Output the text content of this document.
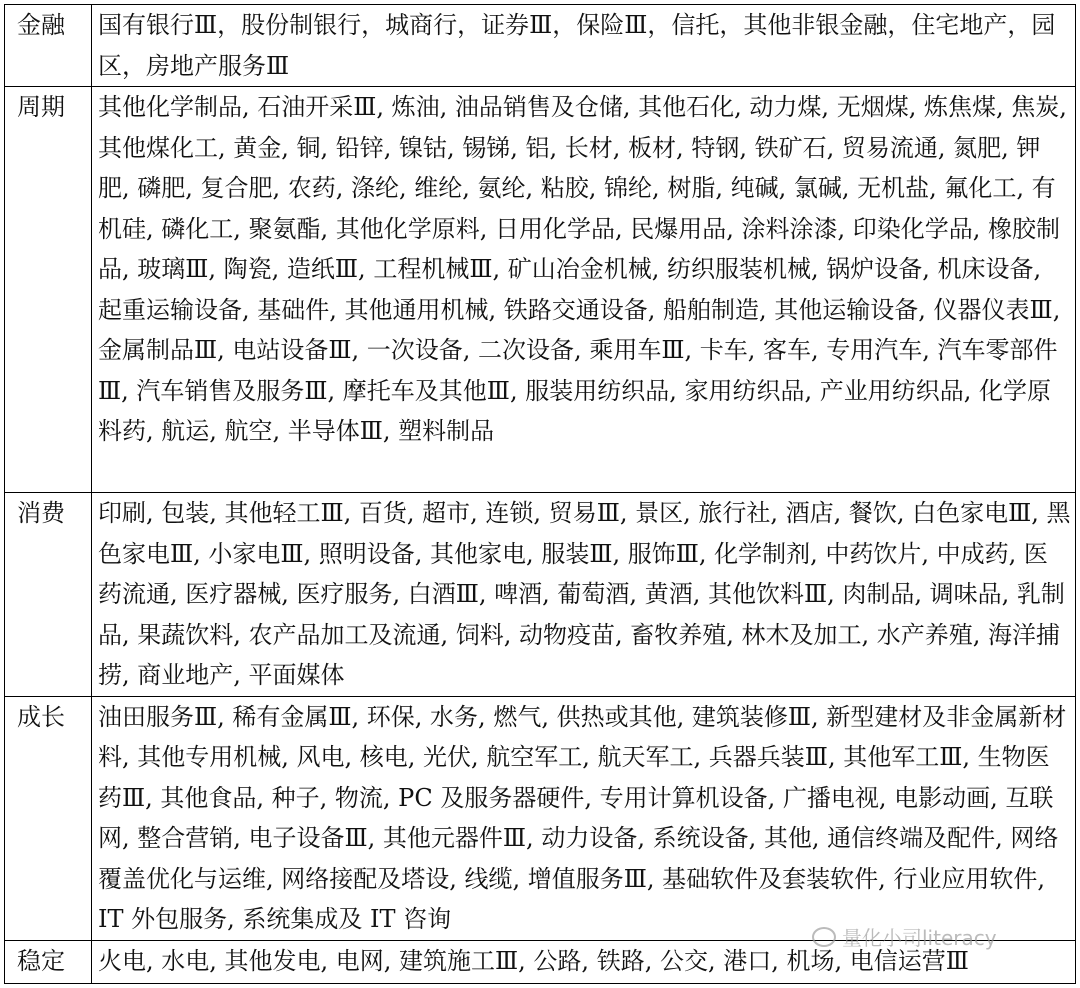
金融	国有银行Ⅲ，股份制银行，城商行，证券Ⅲ，保险Ⅲ，信托，其他非银金融，住宅地产，园区，房地产服务Ⅲ
周期	其他化学制品, 石油开采Ⅲ, 炼油, 油品销售及仓储, 其他石化, 动力煤, 无烟煤, 炼焦煤, 焦炭, 其他煤化工, 黄金, 铜, 铅锌, 镍钴, 锡锑, 铝, 长材, 板材, 特钢, 铁矿石, 贸易流通, 氮肥, 钾肥, 磷肥, 复合肥, 农药, 涤纶, 维纶, 氨纶, 粘胶, 锦纶, 树脂, 纯碱, 氯碱, 无机盐, 氟化工, 有机硅, 磷化工, 聚氨酯, 其他化学原料, 日用化学品, 民爆用品, 涂料涂漆, 印染化学品, 橡胶制品, 玻璃Ⅲ, 陶瓷, 造纸Ⅲ, 工程机械Ⅲ, 矿山冶金机械, 纺织服装机械, 锅炉设备, 机床设备, 起重运输设备, 基础件, 其他通用机械, 铁路交通设备, 船舶制造, 其他运输设备, 仪器仪表Ⅲ, 金属制品Ⅲ, 电站设备Ⅲ, 一次设备, 二次设备, 乘用车Ⅲ, 卡车, 客车, 专用汽车, 汽车零部件Ⅲ, 汽车销售及服务Ⅲ, 摩托车及其他Ⅲ, 服装用纺织品, 家用纺织品, 产业用纺织品, 化学原料药, 航运, 航空, 半导体Ⅲ, 塑料制品
消费	印刷, 包装, 其他轻工Ⅲ, 百货, 超市, 连锁, 贸易Ⅲ, 景区, 旅行社, 酒店, 餐饮, 白色家电Ⅲ, 黑色家电Ⅲ, 小家电Ⅲ, 照明设备, 其他家电, 服装Ⅲ, 服饰Ⅲ, 化学制剂, 中药饮片, 中成药, 医药流通, 医疗器械, 医疗服务, 白酒Ⅲ, 啤酒, 葡萄酒, 黄酒, 其他饮料Ⅲ, 肉制品, 调味品, 乳制品, 果蔬饮料, 农产品加工及流通, 饲料, 动物疫苗, 畜牧养殖, 林木及加工, 水产养殖, 海洋捕捞, 商业地产, 平面媒体
成长	油田服务Ⅲ, 稀有金属Ⅲ, 环保, 水务, 燃气, 供热或其他, 建筑装修Ⅲ, 新型建材及非金属新材料, 其他专用机械, 风电, 核电, 光伏, 航空军工, 航天军工, 兵器兵装Ⅲ, 其他军工Ⅲ, 生物医药Ⅲ, 其他食品, 种子, 物流, PC 及服务器硬件, 专用计算机设备, 广播电视, 电影动画, 互联网, 整合营销, 电子设备Ⅲ, 其他元器件Ⅲ, 动力设备, 系统设备, 其他, 通信终端及配件, 网络覆盖优化与运维, 网络接配及塔设, 线缆, 增值服务Ⅲ, 基础软件及套装软件, 行业应用软件, IT 外包服务, 系统集成及 IT 咨询
稳定	火电, 水电, 其他发电, 电网, 建筑施工Ⅲ, 公路, 铁路, 公交, 港口, 机场, 电信运营Ⅲ
量化小司literacy
